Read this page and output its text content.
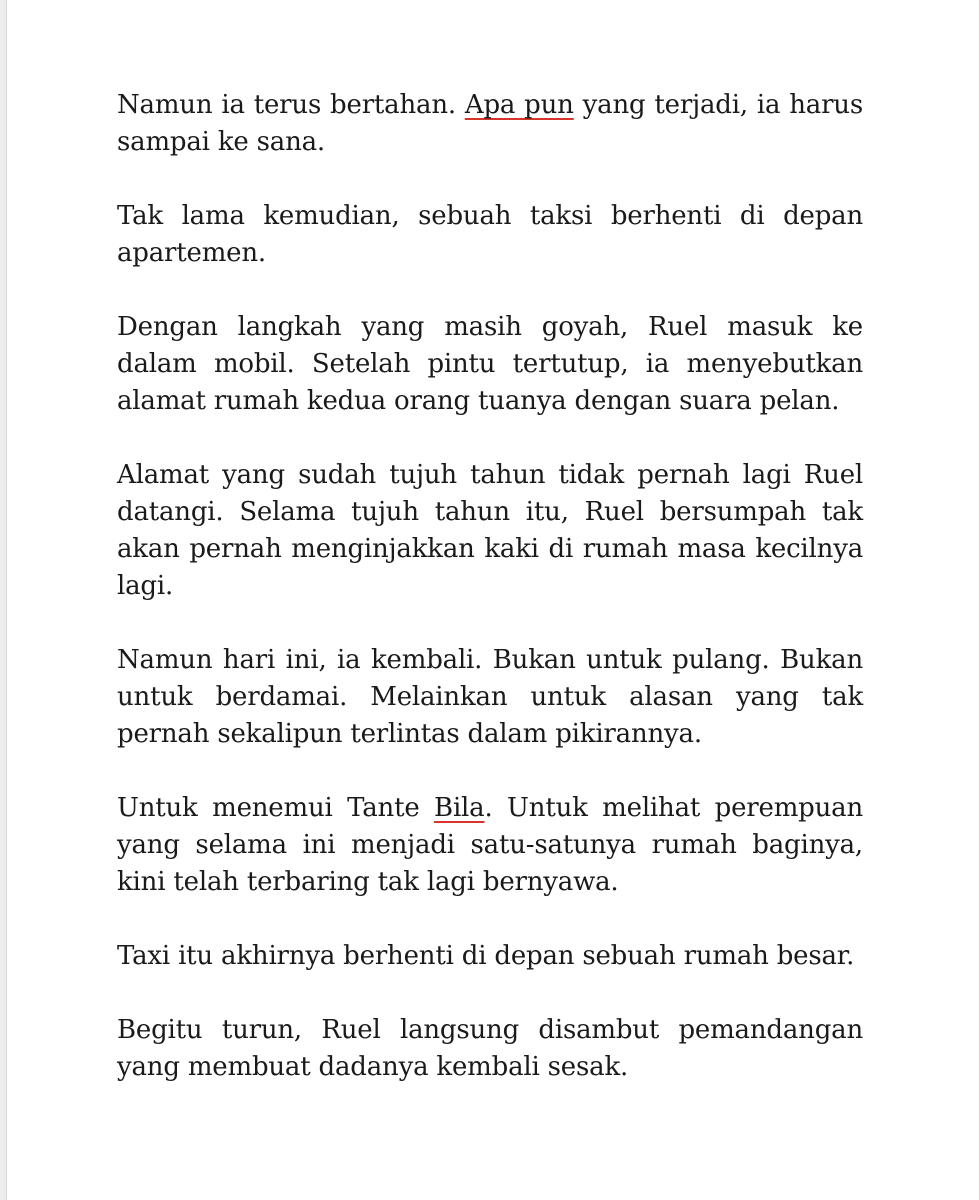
Namun ia terus bertahan. Apa pun yang terjadi, ia harus sampai ke sana.

Tak lama kemudian, sebuah taksi berhenti di depan apartemen.

Dengan langkah yang masih goyah, Ruel masuk ke dalam mobil. Setelah pintu tertutup, ia menyebutkan alamat rumah kedua orang tuanya dengan suara pelan.

Alamat yang sudah tujuh tahun tidak pernah lagi Ruel datangi. Selama tujuh tahun itu, Ruel bersumpah tak akan pernah menginjakkan kaki di rumah masa kecilnya lagi.

Namun hari ini, ia kembali. Bukan untuk pulang. Bukan untuk berdamai. Melainkan untuk alasan yang tak pernah sekalipun terlintas dalam pikirannya.

Untuk menemui Tante Bila. Untuk melihat perempuan yang selama ini menjadi satu-satunya rumah baginya, kini telah terbaring tak lagi bernyawa.

Taxi itu akhirnya berhenti di depan sebuah rumah besar.

Begitu turun, Ruel langsung disambut pemandangan yang membuat dadanya kembali sesak.
